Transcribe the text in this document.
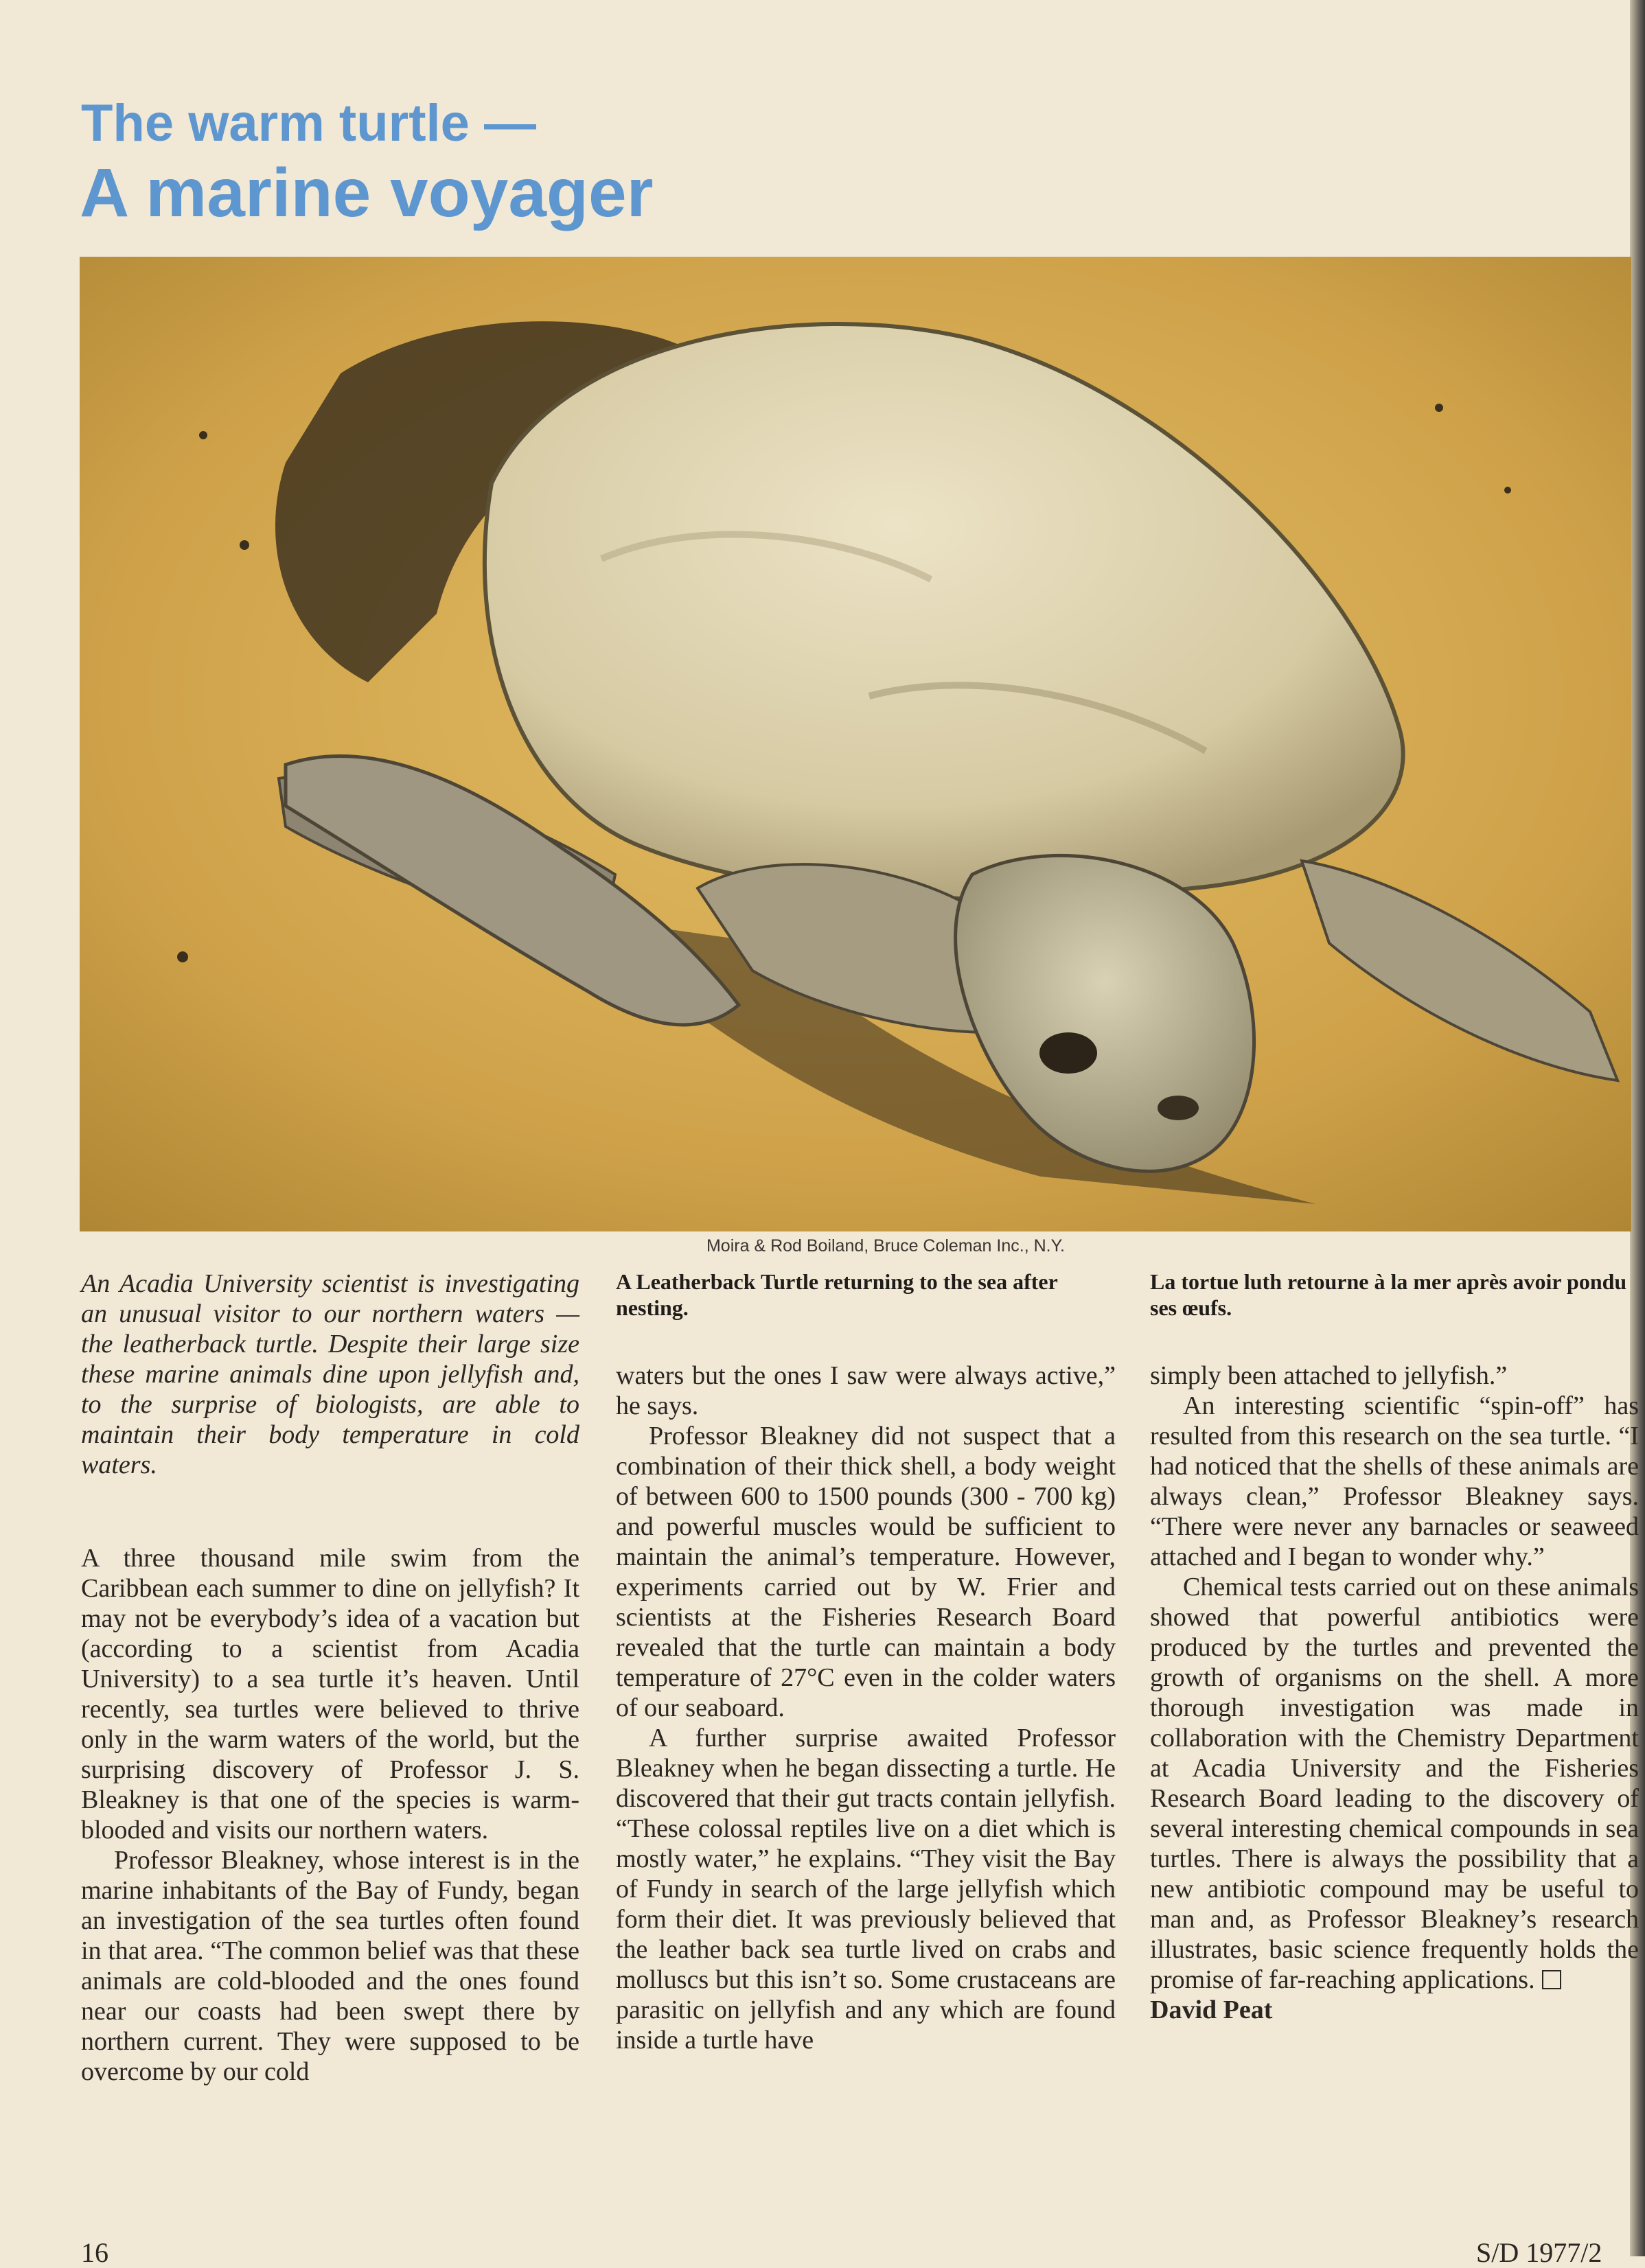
The warm turtle —
A marine voyager
Moira & Rod Boiland, Bruce Coleman Inc., N.Y.
A Leatherback Turtle returning to the sea after nesting.
La tortue luth retourne à la mer après avoir pondu ses œufs.

An Acadia University scientist is investigating an unusual visitor to our northern waters — the leatherback turtle. Despite their large size these marine animals dine upon jellyfish and, to the surprise of biologists, are able to maintain their body temperature in cold waters.

A three thousand mile swim from the Caribbean each summer to dine on jellyfish? It may not be everybody’s idea of a vacation but (according to a scientist from Acadia University) to a sea turtle it’s heaven. Until recently, sea turtles were believed to thrive only in the warm waters of the world, but the surprising discovery of Professor J. S. Bleakney is that one of the species is warm-blooded and visits our northern waters.

Professor Bleakney, whose interest is in the marine inhabitants of the Bay of Fundy, began an investigation of the sea turtles often found in that area. “The common belief was that these animals are cold-blooded and the ones found near our coasts had been swept there by northern current. They were supposed to be overcome by our cold

waters but the ones I saw were always active,” he says.

Professor Bleakney did not suspect that a combination of their thick shell, a body weight of between 600 to 1500 pounds (300 - 700 kg) and powerful muscles would be sufficient to maintain the animal’s temperature. However, experiments carried out by W. Frier and scientists at the Fisheries Research Board revealed that the turtle can maintain a body temperature of 27°C even in the colder waters of our seaboard.

A further surprise awaited Professor Bleakney when he began dissecting a turtle. He discovered that their gut tracts contain jellyfish. “These colossal reptiles live on a diet which is mostly water,” he explains. “They visit the Bay of Fundy in search of the large jellyfish which form their diet. It was previously believed that the leather back sea turtle lived on crabs and molluscs but this isn’t so. Some crustaceans are parasitic on jellyfish and any which are found inside a turtle have

simply been attached to jellyfish.”

An interesting scientific “spin-off” has resulted from this research on the sea turtle. “I had noticed that the shells of these animals are always clean,” Professor Bleakney says. “There were never any barnacles or seaweed attached and I began to wonder why.”

Chemical tests carried out on these animals showed that powerful antibiotics were produced by the turtles and prevented the growth of organisms on the shell. A more thorough investigation was made in collaboration with the Chemistry Department at Acadia University and the Fisheries Research Board leading to the discovery of several interesting chemical compounds in sea turtles. There is always the possibility that a new antibiotic compound may be useful to man and, as Professor Bleakney’s research illustrates, basic science frequently holds the promise of far-reaching applications.

David Peat

16	S/D 1977/2
